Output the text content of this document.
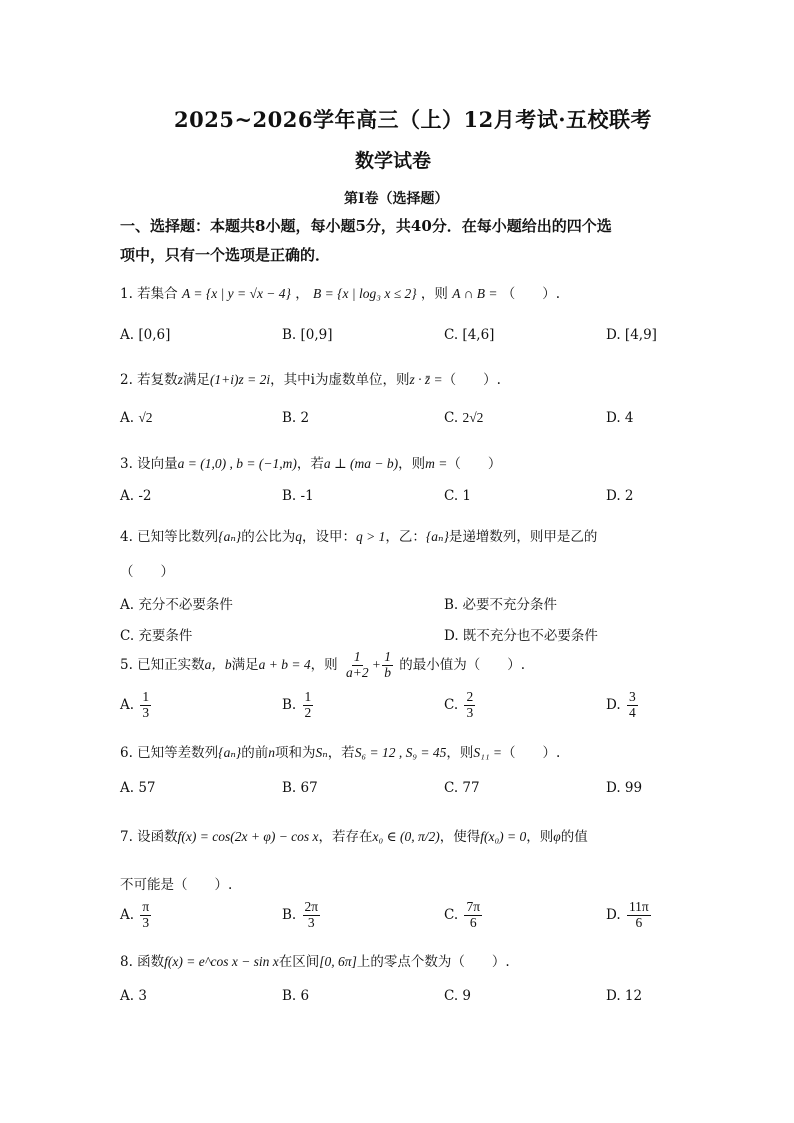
2025~2026学年高三（上）12月考试·五校联考
数学试卷
第I卷（选择题）
一、选择题：本题共8小题，每小题5分，共40分．在每小题给出的四个选
项中，只有一个选项是正确的．
1. 若集合 A = {x | y = √x − 4} ， B = {x | log₃ x ≤ 2} ，则 A ∩ B = （　　）.
A. [0,6]	B. [0,9]	C. [4,6]	D. [4,9]
2. 若复数z满足(1+i)z = 2i，其中i为虚数单位，则z · z̄ =（　　）.
A. √2	B. 2	C. 2√2	D. 4
3. 设向量a = (1,0) , b = (−1,m)，若a ⊥ (ma − b)，则m =（　　）
A. -2	B. -1	C. 1	D. 2
4. 已知等比数列{aₙ}的公比为q，设甲：q > 1，乙：{aₙ}是递增数列，则甲是乙的
（　　）
A. 充分不必要条件	B. 必要不充分条件
C. 充要条件	D. 既不充分也不必要条件
5. 已知正实数a，b满足a + b = 4，则 $\frac{1}{a+2} + \frac{1}{b}$ 的最小值为（　　）.
A. $\frac{1}{3}$	B. $\frac{1}{2}$	C. $\frac{2}{3}$	D. $\frac{3}{4}$
6. 已知等差数列{aₙ}的前n项和为Sₙ，若S₆ = 12 , S₉ = 45，则S₁₁ =（　　）.
A. 57	B. 67	C. 77	D. 99
7. 设函数f(x) = cos(2x + φ) − cos x，若存在x₀ ∈ (0, π/2)，使得f(x₀) = 0，则φ的值
不可能是（　　）.
A. $\frac{\pi}{3}$	B. $\frac{2\pi}{3}$	C. $\frac{7\pi}{6}$	D. $\frac{11\pi}{6}$
8. 函数f(x) = e^cos x − sin x在区间[0, 6π]上的零点个数为（　　）.
A. 3	B. 6	C. 9	D. 12
